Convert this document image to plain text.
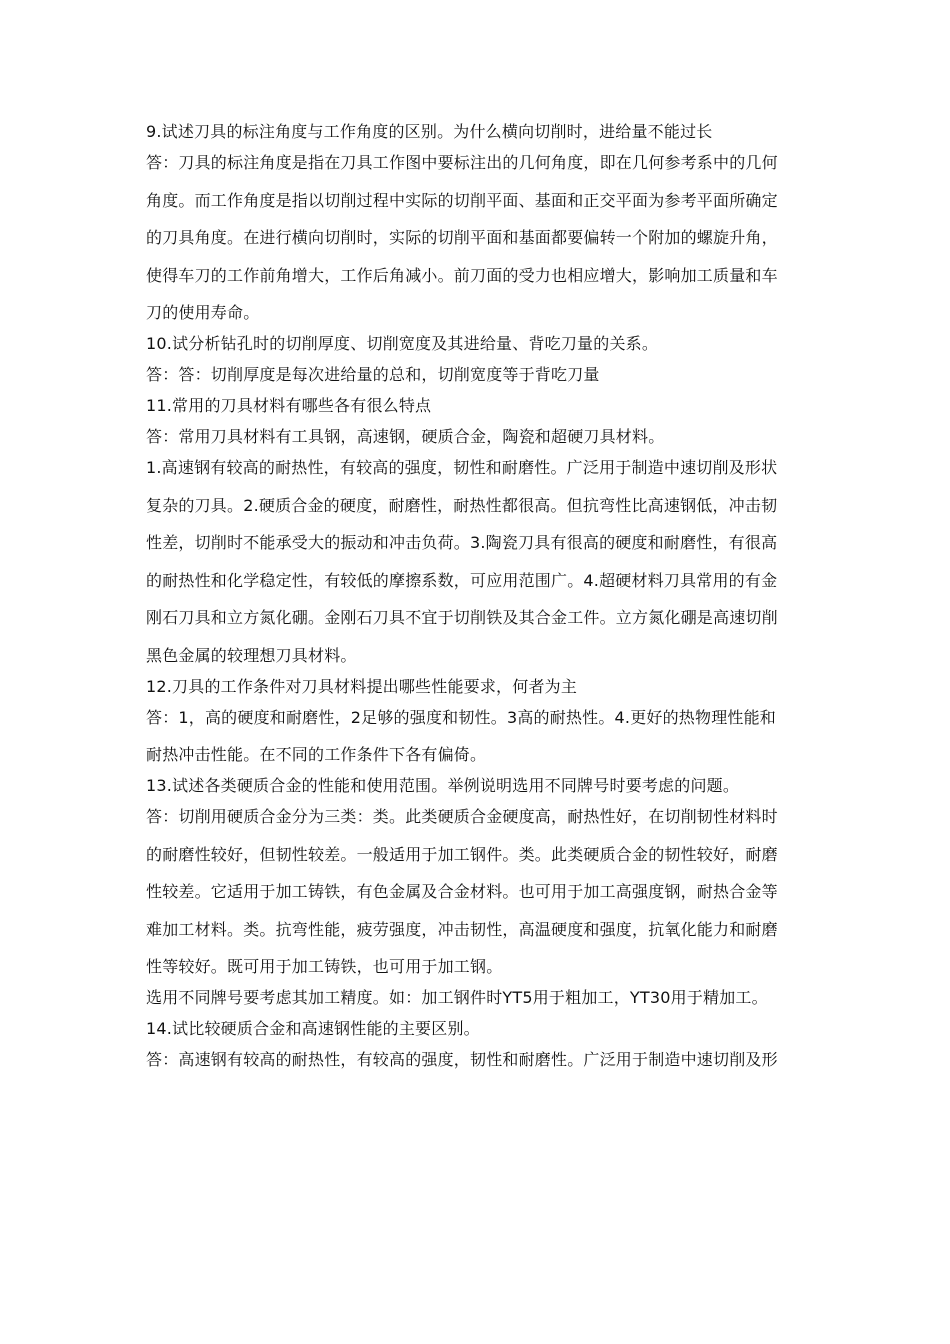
9.试述刀具的标注角度与工作角度的区别。为什么横向切削时，进给量不能过长
答：刀具的标注角度是指在刀具工作图中要标注出的几何角度，即在几何参考系中的几何
角度。而工作角度是指以切削过程中实际的切削平面、基面和正交平面为参考平面所确定
的刀具角度。在进行横向切削时，实际的切削平面和基面都要偏转一个附加的螺旋升角，
使得车刀的工作前角增大，工作后角减小。前刀面的受力也相应增大，影响加工质量和车
刀的使用寿命。
10.试分析钻孔时的切削厚度、切削宽度及其进给量、背吃刀量的关系。
答：答：切削厚度是每次进给量的总和，切削宽度等于背吃刀量
11.常用的刀具材料有哪些各有很么特点
答：常用刀具材料有工具钢，高速钢，硬质合金，陶瓷和超硬刀具材料。
1.高速钢有较高的耐热性，有较高的强度，韧性和耐磨性。广泛用于制造中速切削及形状
复杂的刀具。2.硬质合金的硬度，耐磨性，耐热性都很高。但抗弯性比高速钢低，冲击韧
性差，切削时不能承受大的振动和冲击负荷。3.陶瓷刀具有很高的硬度和耐磨性，有很高
的耐热性和化学稳定性，有较低的摩擦系数，可应用范围广。4.超硬材料刀具常用的有金
刚石刀具和立方氮化硼。金刚石刀具不宜于切削铁及其合金工件。立方氮化硼是高速切削
黑色金属的较理想刀具材料。
12.刀具的工作条件对刀具材料提出哪些性能要求，何者为主
答：1，高的硬度和耐磨性，2足够的强度和韧性。3高的耐热性。4.更好的热物理性能和
耐热冲击性能。在不同的工作条件下各有偏倚。
13.试述各类硬质合金的性能和使用范围。举例说明选用不同牌号时要考虑的问题。
答：切削用硬质合金分为三类：类。此类硬质合金硬度高，耐热性好，在切削韧性材料时
的耐磨性较好，但韧性较差。一般适用于加工钢件。类。此类硬质合金的韧性较好，耐磨
性较差。它适用于加工铸铁，有色金属及合金材料。也可用于加工高强度钢，耐热合金等
难加工材料。类。抗弯性能，疲劳强度，冲击韧性，高温硬度和强度，抗氧化能力和耐磨
性等较好。既可用于加工铸铁，也可用于加工钢。
选用不同牌号要考虑其加工精度。如：加工钢件时YT5用于粗加工，YT30用于精加工。
14.试比较硬质合金和高速钢性能的主要区别。
答：高速钢有较高的耐热性，有较高的强度，韧性和耐磨性。广泛用于制造中速切削及形
